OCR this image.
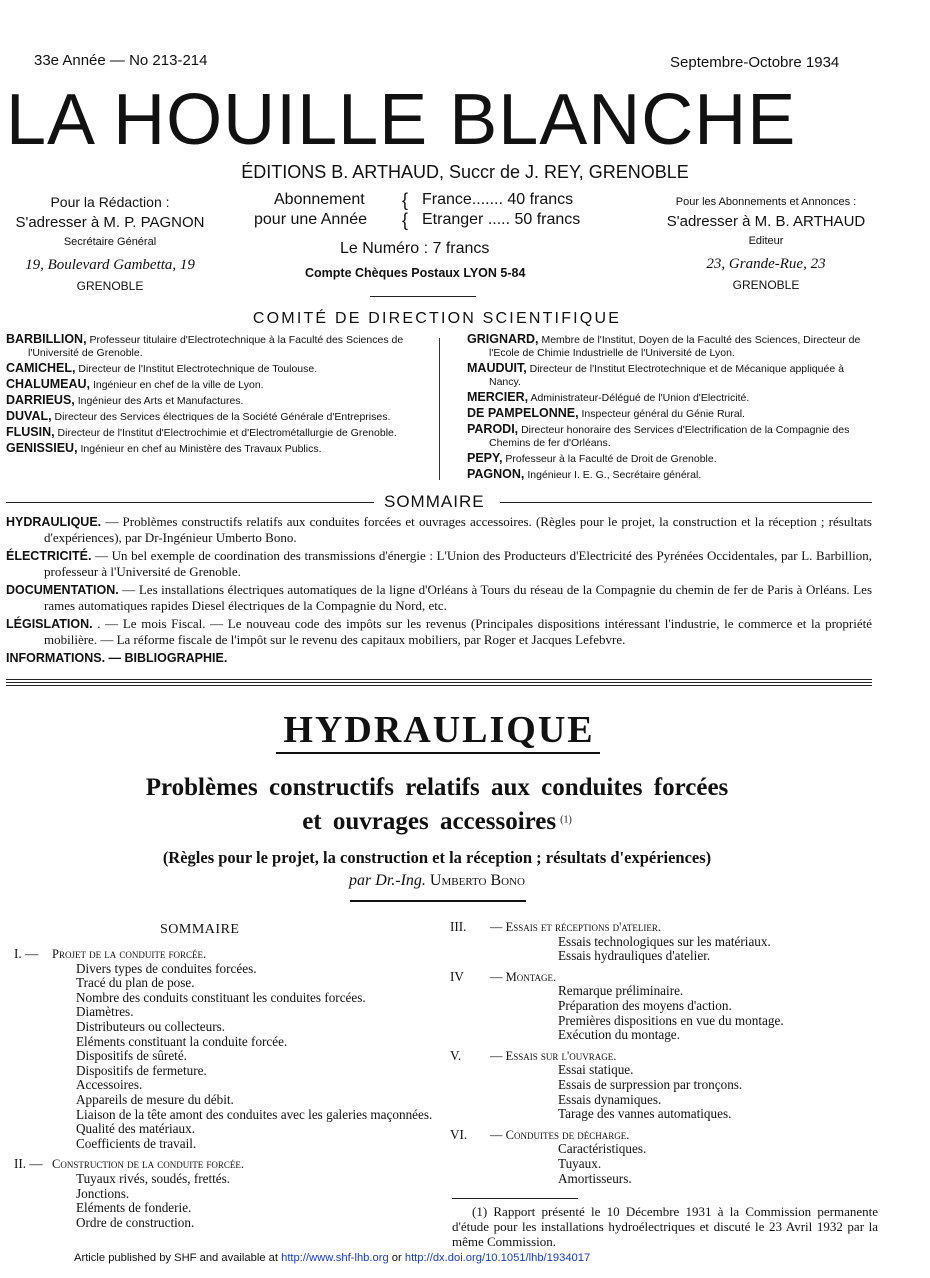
33e Année — No 213-214	Septembre-Octobre 1934
LA HOUILLE BLANCHE
ÉDITIONS B. ARTHAUD, Succr de J. REY, GRENOBLE
Pour la Rédaction :
S'adresser à M. P. PAGNON
Secrétaire Général
19, Boulevard Gambetta, 19
GRENOBLE
Abonnement
pour une Année
{
{
France....... 40 francs
Etranger ..... 50 francs
Le Numéro : 7 francs
Compte Chèques Postaux LYON 5-84
Pour les Abonnements et Annonces :
S'adresser à M. B. ARTHAUD
Editeur
23, Grande-Rue, 23
GRENOBLE
COMITÉ DE DIRECTION SCIENTIFIQUE
BARBILLION, Professeur titulaire d'Electrotechnique à la Faculté des Sciences de l'Université de Grenoble.
CAMICHEL, Directeur de l'Institut Electrotechnique de Toulouse.
CHALUMEAU, Ingénieur en chef de la ville de Lyon.
DARRIEUS, Ingénieur des Arts et Manufactures.
DUVAL, Directeur des Services électriques de la Société Générale d'Entreprises.
FLUSIN, Directeur de l'Institut d'Electrochimie et d'Electrométallurgie de Grenoble.
GENISSIEU, Ingénieur en chef au Ministère des Travaux Publics.
GRIGNARD, Membre de l'Institut, Doyen de la Faculté des Sciences, Directeur de l'Ecole de Chimie Industrielle de l'Université de Lyon.
MAUDUIT, Directeur de l'Institut Electrotechnique et de Mécanique appliquée à Nancy.
MERCIER, Administrateur-Délégué de l'Union d'Electricité.
DE PAMPELONNE, Inspecteur général du Génie Rural.
PARODI, Directeur honoraire des Services d'Electrification de la Compagnie des Chemins de fer d'Orléans.
PEPY, Professeur à la Faculté de Droit de Grenoble.
PAGNON, Ingénieur I. E. G., Secrétaire général.
SOMMAIRE
HYDRAULIQUE. — Problèmes constructifs relatifs aux conduites forcées et ouvrages accessoires. (Règles pour le projet, la construction et la réception ; résultats d'expériences), par Dr-Ingénieur Umberto Bono.
ÉLECTRICITÉ. — Un bel exemple de coordination des transmissions d'énergie : L'Union des Producteurs d'Electricité des Pyrénées Occidentales, par L. Barbillion, professeur à l'Université de Grenoble.
DOCUMENTATION. — Les installations électriques automatiques de la ligne d'Orléans à Tours du réseau de la Compagnie du chemin de fer de Paris à Orléans. Les rames automatiques rapides Diesel électriques de la Compagnie du Nord, etc.
LÉGISLATION. . — Le mois Fiscal. — Le nouveau code des impôts sur les revenus (Principales dispositions intéressant l'industrie, le commerce et la propriété mobilière. — La réforme fiscale de l'impôt sur le revenu des capitaux mobiliers, par Roger et Jacques Lefebvre.
INFORMATIONS. — BIBLIOGRAPHIE.
HYDRAULIQUE
Problèmes constructifs relatifs aux conduites forcées
et ouvrages accessoires $^{(1)}$
(Règles pour le projet, la construction et la réception ; résultats d'expériences)
par Dr.-Ing. Umberto Bono
SOMMAIRE
I. — Projet de la conduite forcée.
Divers types de conduites forcées.
Tracé du plan de pose.
Nombre des conduits constituant les conduites forcées.
Diamètres.
Distributeurs ou collecteurs.
Eléments constituant la conduite forcée.
Dispositifs de sûreté.
Dispositifs de fermeture.
Accessoires.
Appareils de mesure du débit.
Liaison de la tête amont des conduites avec les galeries maçonnées.
Qualité des matériaux.
Coefficients de travail.
II. — Construction de la conduite forcée.
Tuyaux rivés, soudés, frettés.
Jonctions.
Eléments de fonderie.
Ordre de construction.
III. — Essais et réceptions d'atelier.
Essais technologiques sur les matériaux.
Essais hydrauliques d'atelier.
IV — Montage.
Remarque préliminaire.
Préparation des moyens d'action.
Premières dispositions en vue du montage.
Exécution du montage.
V. — Essais sur l'ouvrage.
Essai statique.
Essais de surpression par tronçons.
Essais dynamiques.
Tarage des vannes automatiques.
VI. — Conduites de décharge.
Caractéristiques.
Tuyaux.
Amortisseurs.
(1) Rapport présenté le 10 Décembre 1931 à la Commission permanente d'étude pour les installations hydroélectriques et discuté le 23 Avril 1932 par la même Commission.
Article published by SHF and available at http://www.shf-lhb.org or http://dx.doi.org/10.1051/lhb/1934017
